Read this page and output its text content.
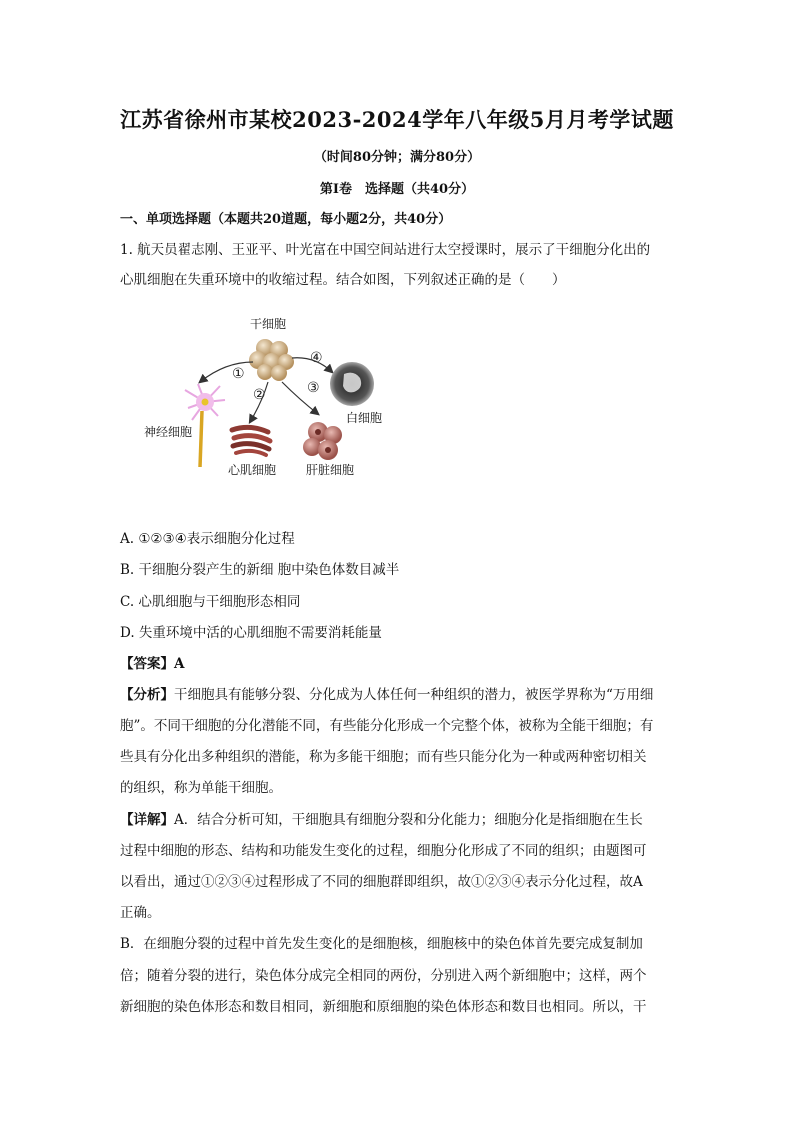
江苏省徐州市某校2023-2024学年八年级5月月考学试题
（时间80分钟；满分80分）
第Ⅰ卷　选择题（共40分）
一、单项选择题（本题共20道题，每小题2分，共40分）
1. 航天员翟志刚、王亚平、叶光富在中国空间站进行太空授课时，展示了干细胞分化出的
心肌细胞在失重环境中的收缩过程。结合如图，下列叙述正确的是（　　）
①
②	③
④
干细胞
神经细胞
心肌细胞 肝脏细胞
白细胞
A. ①②③④表示细胞分化过程
B. 干细胞分裂产生的新细 胞中染色体数目减半
C. 心肌细胞与干细胞形态相同
D. 失重环境中活的心肌细胞不需要消耗能量
【答案】A
【分析】干细胞具有能够分裂、分化成为人体任何一种组织的潜力，被医学界称为“万用细
胞”。不同干细胞的分化潜能不同，有些能分化形成一个完整个体，被称为全能干细胞；有
些具有分化出多种组织的潜能，称为多能干细胞；而有些只能分化为一种或两种密切相关
的组织，称为单能干细胞。
【详解】A．结合分析可知，干细胞具有细胞分裂和分化能力；细胞分化是指细胞在生长
过程中细胞的形态、结构和功能发生变化的过程，细胞分化形成了不同的组织；由题图可
以看出，通过①②③④过程形成了不同的细胞群即组织，故①②③④表示分化过程，故A
正确。
B．在细胞分裂的过程中首先发生变化的是细胞核，细胞核中的染色体首先要完成复制加
倍；随着分裂的进行，染色体分成完全相同的两份，分别进入两个新细胞中；这样，两个
新细胞的染色体形态和数目相同，新细胞和原细胞的染色体形态和数目也相同。所以，干
